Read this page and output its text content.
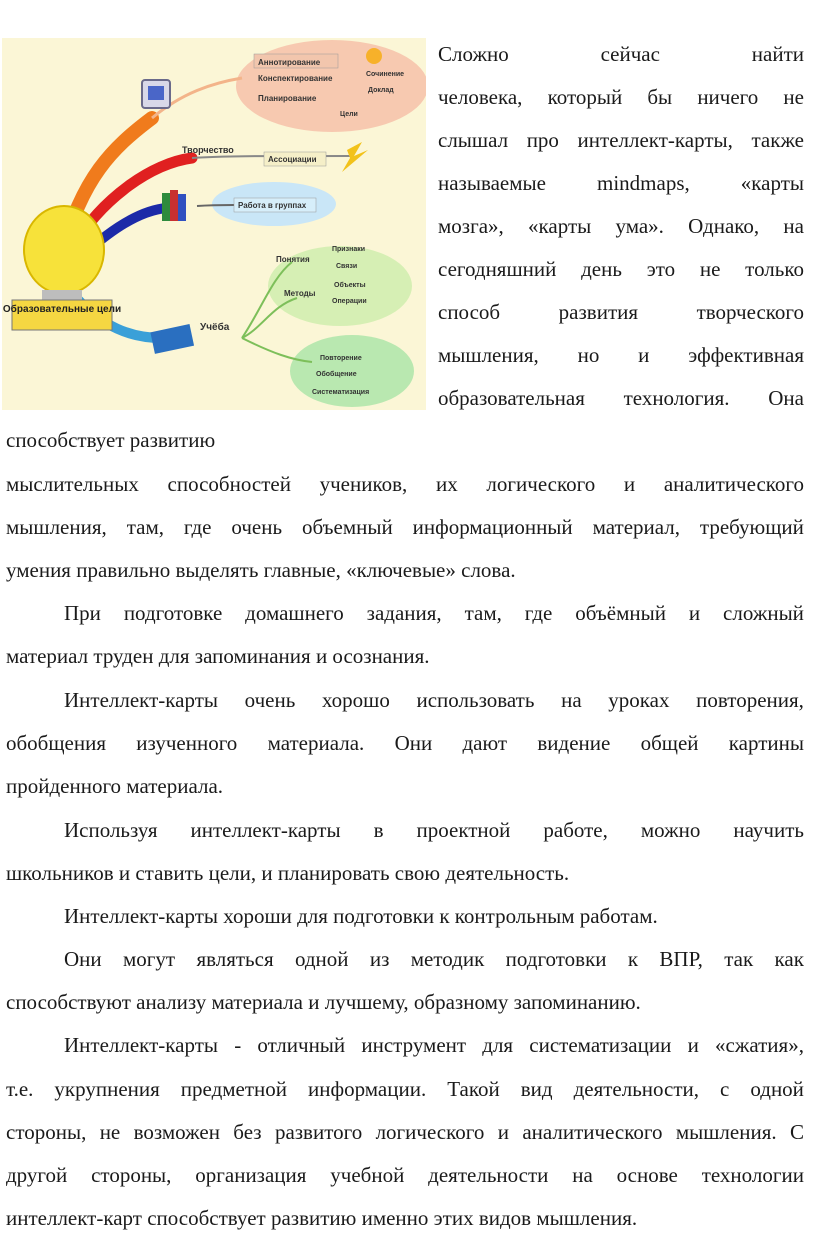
Образовательные цели
Аннотирование
Конспектирование
Планирование
Сочинение
Доклад
Цели
Творчество
Ассоциации
Работа в группах
Учёба
Понятия
Признаки
Связи
Методы
Объекты
Операции
Повторение
Обобщение
Систематизация
Сложно	сейчас	найти
человека, который бы ничего не
слышал про интеллект-карты, также
называемые mindmaps, «карты
мозга», «карты ума». Однако, на
сегодняшний день это не только
способ	развития	творческого
мышления, но и эффективная
образовательная технология. Она
способствует развитию
мыслительных способностей учеников, их логического и аналитического
мышления, там, где очень объемный информационный материал, требующий
умения правильно выделять главные, «ключевые» слова.
При подготовке домашнего задания, там, где объёмный и сложный
материал труден для запоминания и осознания.
Интеллект-карты очень хорошо использовать на уроках повторения,
обобщения изученного материала. Они дают видение общей картины
пройденного материала.
Используя интеллект-карты в проектной работе, можно научить
школьников и ставить цели, и планировать свою деятельность.
Интеллект-карты хороши для подготовки к контрольным работам.
Они могут являться одной из методик подготовки к ВПР, так как
способствуют анализу материала и лучшему, образному запоминанию.
Интеллект-карты - отличный инструмент для систематизации и «сжатия»,
т.е. укрупнения предметной информации. Такой вид деятельности, с одной
стороны, не возможен без развитого логического и аналитического мышления. С
другой стороны, организация учебной деятельности на основе технологии
интеллект-карт способствует развитию именно этих видов мышления.
